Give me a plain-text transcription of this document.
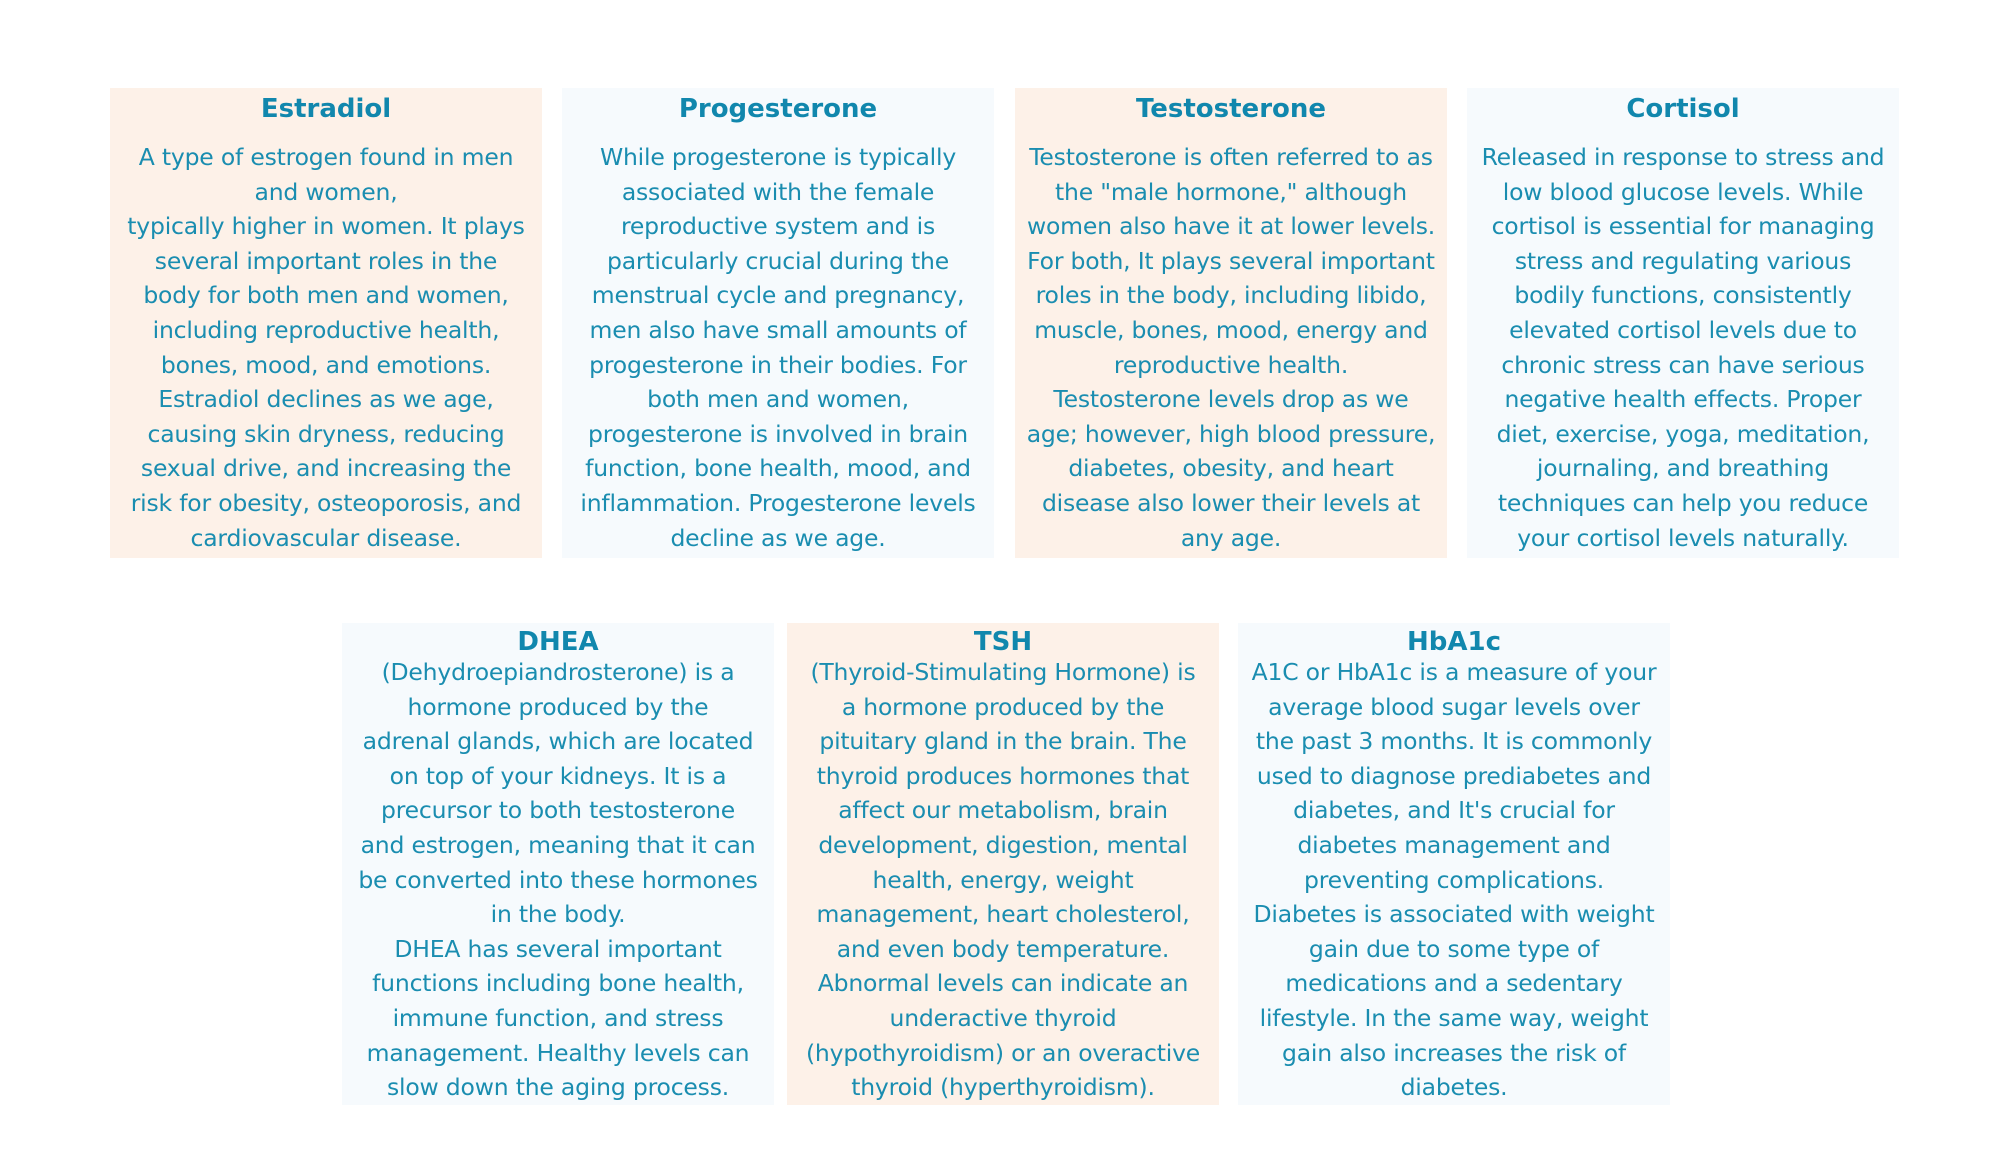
Estradiol

A type of estrogen found in men
and women,
typically higher in women. It plays
several important roles in the
body for both men and women,
including reproductive health,
bones, mood, and emotions.
Estradiol declines as we age,
causing skin dryness, reducing
sexual drive, and increasing the
risk for obesity, osteoporosis, and
cardiovascular disease.

Progesterone

While progesterone is typically
associated with the female
reproductive system and is
particularly crucial during the
menstrual cycle and pregnancy,
men also have small amounts of
progesterone in their bodies. For
both men and women,
progesterone is involved in brain
function, bone health, mood, and
inflammation. Progesterone levels
decline as we age.

Testosterone

Testosterone is often referred to as
the "male hormone," although
women also have it at lower levels.
For both, It plays several important
roles in the body, including libido,
muscle, bones, mood, energy and
reproductive health.
Testosterone levels drop as we
age; however, high blood pressure,
diabetes, obesity, and heart
disease also lower their levels at
any age.

Cortisol

Released in response to stress and
low blood glucose levels. While
cortisol is essential for managing
stress and regulating various
bodily functions, consistently
elevated cortisol levels due to
chronic stress can have serious
negative health effects. Proper
diet, exercise, yoga, meditation,
journaling, and breathing
techniques can help you reduce
your cortisol levels naturally.

DHEA

(Dehydroepiandrosterone) is a
hormone produced by the
adrenal glands, which are located
on top of your kidneys. It is a
precursor to both testosterone
and estrogen, meaning that it can
be converted into these hormones
in the body.
DHEA has several important
functions including bone health,
immune function, and stress
management. Healthy levels can
slow down the aging process.

TSH

(Thyroid-Stimulating Hormone) is
a hormone produced by the
pituitary gland in the brain. The
thyroid produces hormones that
affect our metabolism, brain
development, digestion, mental
health, energy, weight
management, heart cholesterol,
and even body temperature.
Abnormal levels can indicate an
underactive thyroid
(hypothyroidism) or an overactive
thyroid (hyperthyroidism).

HbA1c

A1C or HbA1c is a measure of your
average blood sugar levels over
the past 3 months. It is commonly
used to diagnose prediabetes and
diabetes, and It's crucial for
diabetes management and
preventing complications.
Diabetes is associated with weight
gain due to some type of
medications and a sedentary
lifestyle. In the same way, weight
gain also increases the risk of
diabetes.
